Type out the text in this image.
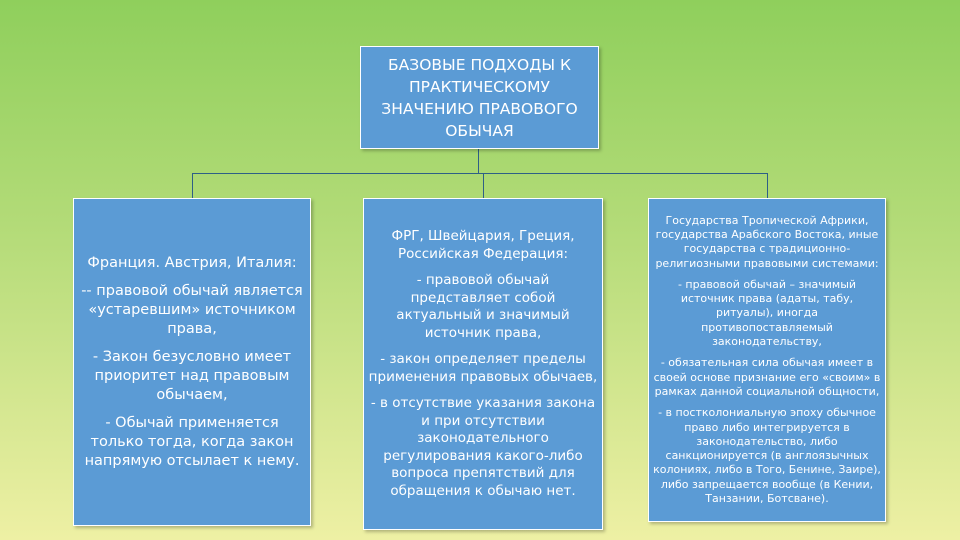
БАЗОВЫЕ ПОДХОДЫ К ПРАКТИЧЕСКОМУ ЗНАЧЕНИЮ ПРАВОВОГО ОБЫЧАЯ

Франция. Австрия, Италия:

-- правовой обычай является «устаревшим» источником права,

- Закон безусловно имеет приоритет над правовым обычаем,

- Обычай применяется только тогда, когда закон напрямую отсылает к нему.

ФРГ, Швейцария, Греция, Российская Федерация:

- правовой обычай представляет собой актуальный и значимый источник права,

- закон определяет пределы применения правовых обычаев,

- в отсутствие указания закона и при отсутствии законодательного регулирования какого-либо вопроса препятствий для обращения к обычаю нет.

Государства Тропической Африки, государства Арабского Востока, иные государства с традиционно-религиозными правовыми системами:

- правовой обычай – значимый источник права (адаты, табу, ритуалы), иногда противопоставляемый законодательству,

- обязательная сила обычая имеет в своей основе признание его «своим» в рамках данной социальной общности,

- в постколониальную эпоху обычное право либо интегрируется в законодательство, либо санкционируется (в англоязычных колониях, либо в Того, Бенине, Заире), либо запрещается вообще (в Кении, Танзании, Ботсване).
